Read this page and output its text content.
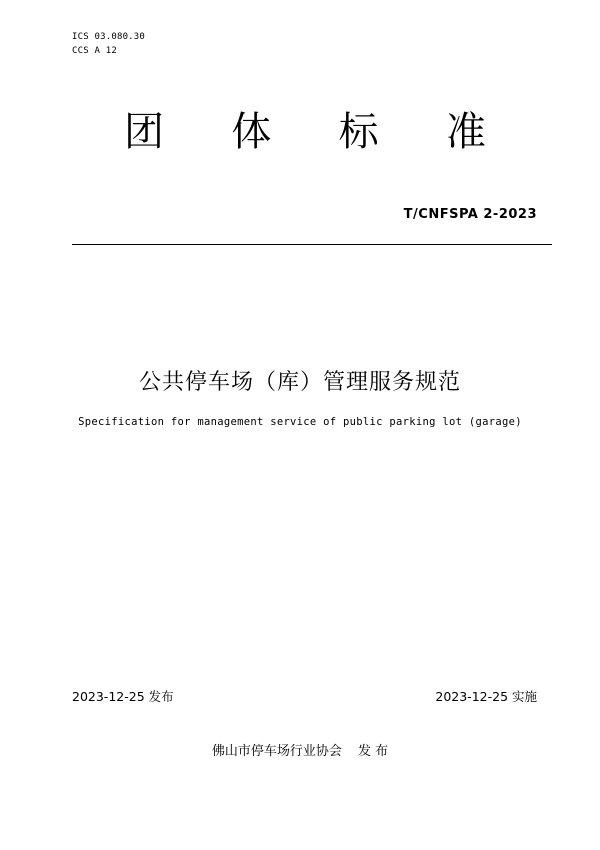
ICS 03.080.30
CCS A 12
团 体 标 准
T/CNFSPA 2-2023
公共停车场（库）管理服务规范
Specification for management service of public parking lot (garage)
2023-12-25 发布	2023-12-25 实施
佛山市停车场行业协会 发 布
